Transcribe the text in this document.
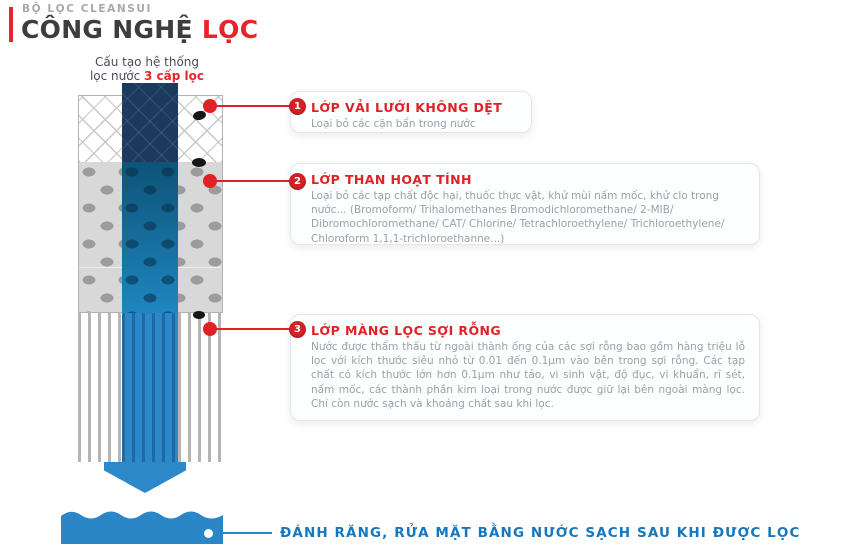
BỘ LỌC CLEANSUI
CÔNG NGHỆ LỌC
Cấu tạo hệ thống
lọc nước 3 cấp lọc
1 LỚP VẢI LƯỚI KHÔNG DỆT

Loại bỏ các cặn bẩn trong nước

2 LỚP THAN HOẠT TÍNH

Loại bỏ các tạp chất độc hại, thuốc thực vật, khử mùi nấm mốc, khử clo trong nước... (Bromoform/ Trihalomethanes Bromodichloromethane/ 2-MIB/ Dibromochloromethane/ CAT/ Chlorine/ Tetrachloroethylene/ Trichloroethylene/ Chloroform 1,1,1-trichloroethanne...)

3 LỚP MÀNG LỌC SỢI RỖNG

Nước được thẩm thấu từ ngoài thành ống của các sợi rỗng bao gồm hàng triệu lỗ lọc với kích thước siêu nhỏ từ 0.01 đến 0.1µm vào bên trong sợi rỗng. Các tạp chất có kích thước lớn hơn 0.1µm như tảo, vi sinh vật, độ đục, vi khuẩn, rỉ sét, nấm mốc, các thành phần kim loại trong nước được giữ lại bên ngoài màng lọc. Chỉ còn nước sạch và khoáng chất sau khi lọc.

ĐÁNH RĂNG, RỬA MẶT BẰNG NƯỚC SẠCH SAU KHI ĐƯỢC LỌC
